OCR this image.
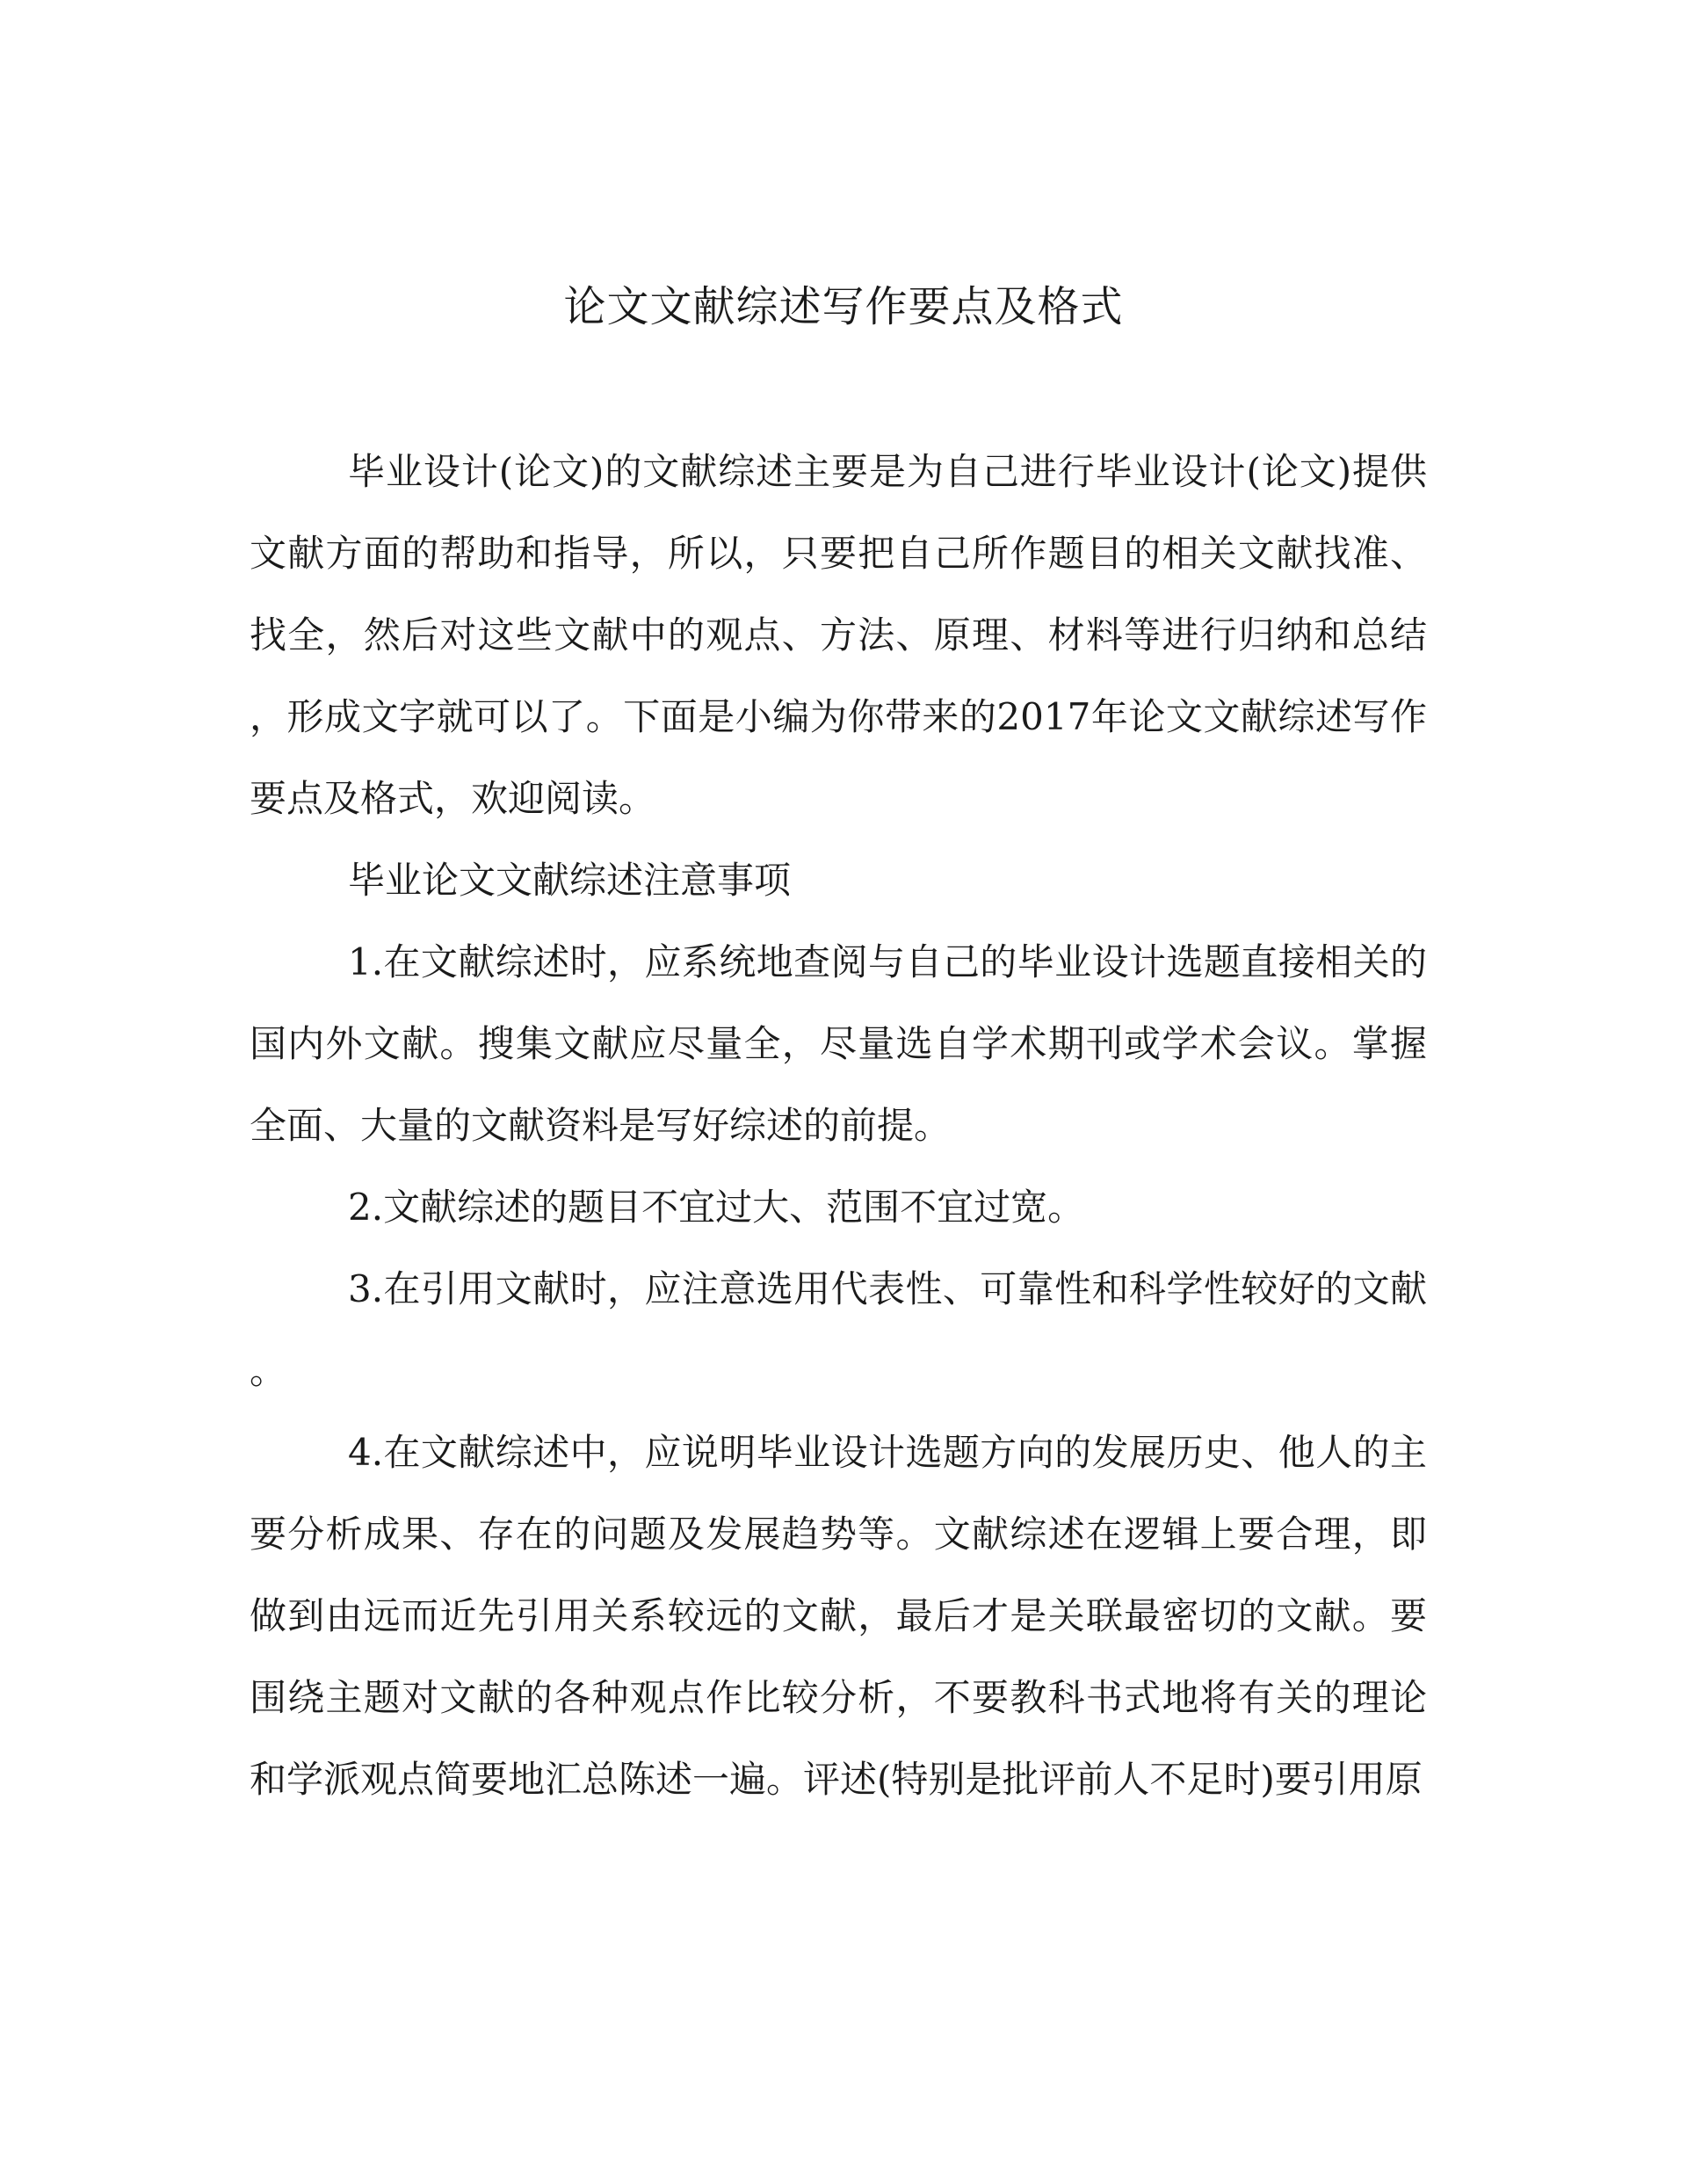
论文文献综述写作要点及格式

毕业设计(论文)的文献综述主要是为自己进行毕业设计(论文)提供文献方面的帮助和指导，所以，只要把自己所作题目的相关文献找准、找全，然后对这些文献中的观点、方法、原理、材料等进行归纳和总结，形成文字就可以了。下面是小编为你带来的2017年论文文献综述写作要点及格式，欢迎阅读。

毕业论文文献综述注意事项

1.在文献综述时，应系统地查阅与自己的毕业设计选题直接相关的国内外文献。搜集文献应尽量全，尽量选自学术期刊或学术会议。掌握全面、大量的文献资料是写好综述的前提。

2.文献综述的题目不宜过大、范围不宜过宽。

3.在引用文献时，应注意选用代表性、可靠性和科学性较好的文献。

4.在文献综述中，应说明毕业设计选题方向的发展历史、他人的主要分析成果、存在的问题及发展趋势等。文献综述在逻辑上要合理，即做到由远而近先引用关系较远的文献，最后才是关联最密切的文献。要围绕主题对文献的各种观点作比较分析，不要教科书式地将有关的理论和学派观点简要地汇总陈述一遍。评述(特别是批评前人不足时)要引用原
